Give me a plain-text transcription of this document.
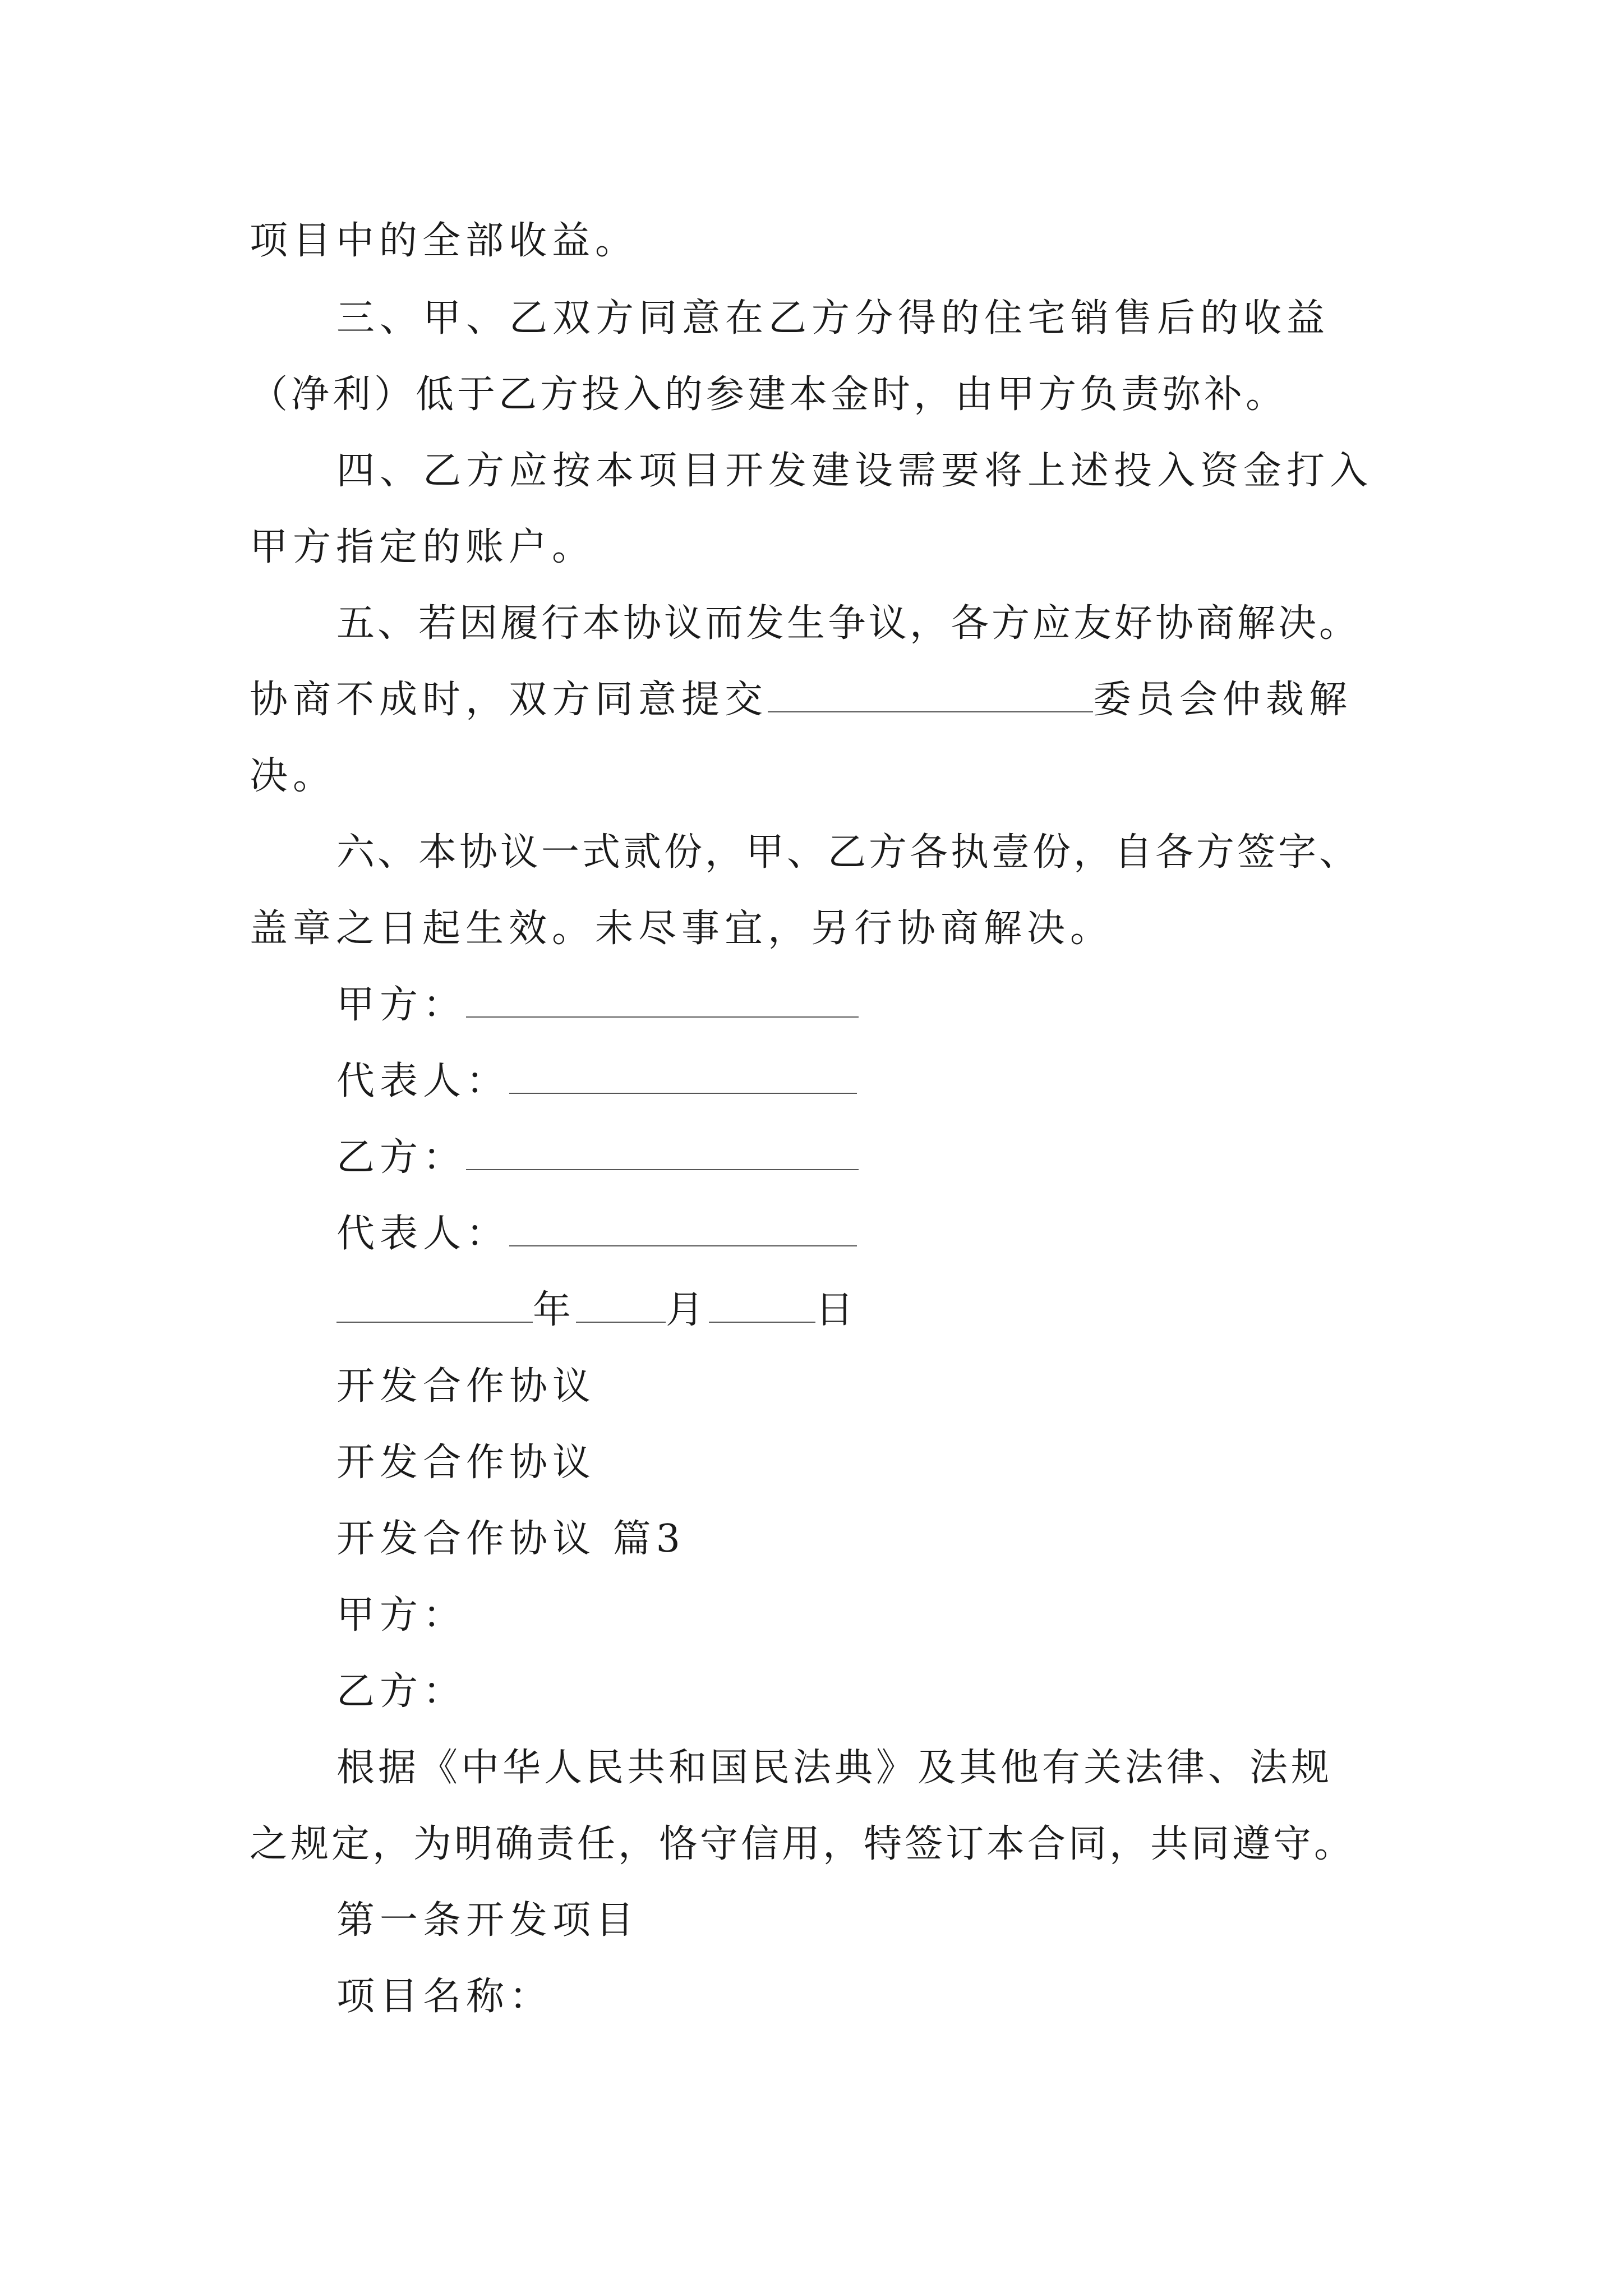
项目中的全部收益。
三、甲、乙双方同意在乙方分得的住宅销售后的收益
（净利）低于乙方投入的参建本金时，由甲方负责弥补。
四、乙方应按本项目开发建设需要将上述投入资金打入
甲方指定的账户。
五、若因履行本协议而发生争议，各方应友好协商解决。
协商不成时，双方同意提交	委员会仲裁解
决。
六、本协议一式贰份，甲、乙方各执壹份，自各方签字、
盖章之日起生效。未尽事宜，另行协商解决。
甲方：
代表人：
乙方：
代表人：
年 月	日
开发合作协议
开发合作协议
开发合作协议 篇3
甲方：
乙方：
根据《中华人民共和国民法典》及其他有关法律、法规
之规定，为明确责任，恪守信用，特签订本合同，共同遵守。
第一条开发项目
项目名称：
